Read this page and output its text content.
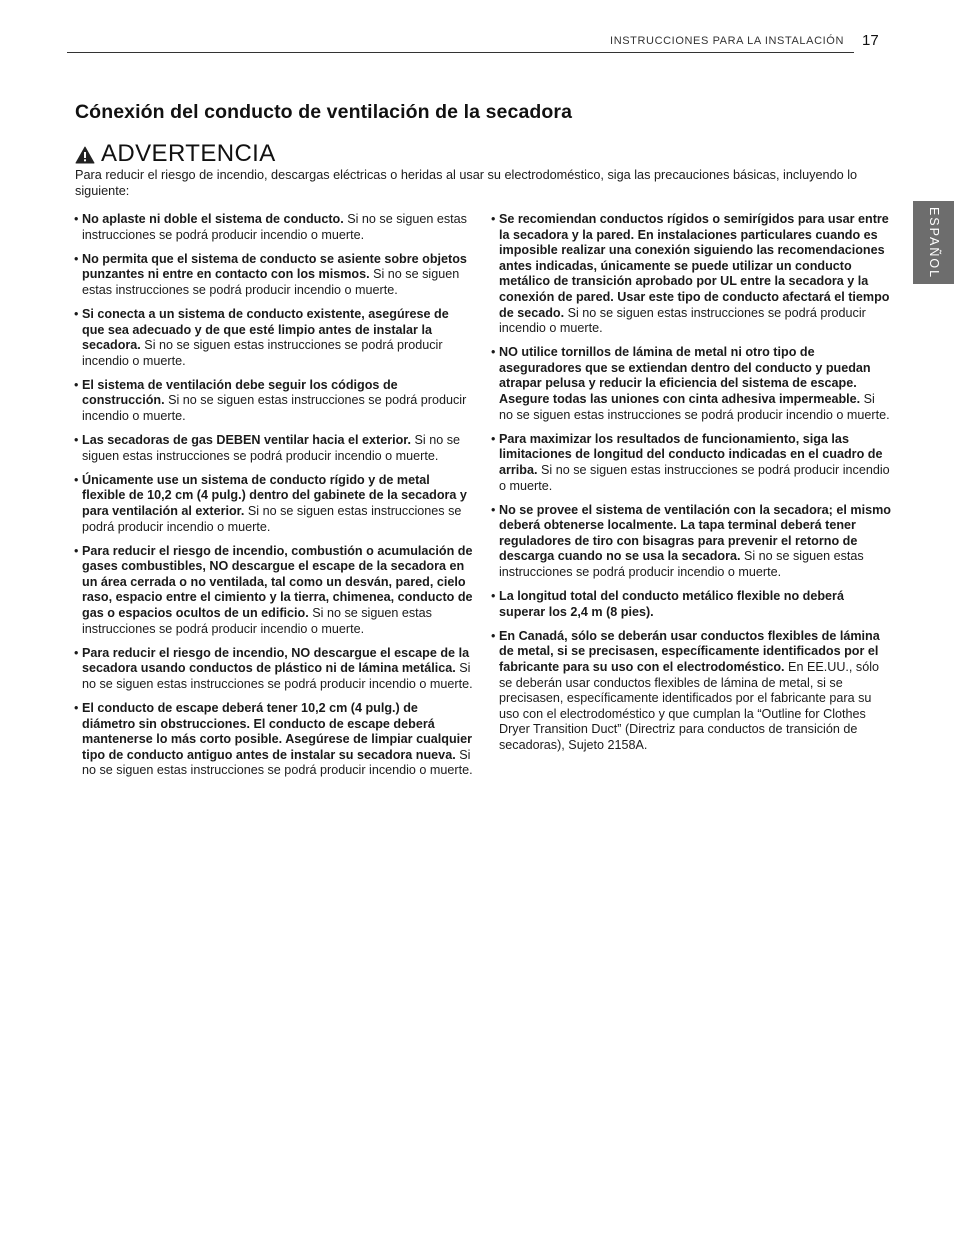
INSTRUCCIONES PARA LA INSTALACIÓN 17
Cónexión del conducto de ventilación de la secadora
ADVERTENCIA
Para reducir el riesgo de incendio, descargas eléctricas o heridas al usar su electrodoméstico, siga las precauciones básicas, incluyendo lo siguiente:
• No aplaste ni doble el sistema de conducto. Si no se siguen estas instrucciones se podrá producir incendio o muerte.
• No permita que el sistema de conducto se asiente sobre objetos punzantes ni entre en contacto con los mismos. Si no se siguen estas instrucciones se podrá producir incendio o muerte.
• Si conecta a un sistema de conducto existente, asegúrese de que sea adecuado y de que esté limpio antes de instalar la secadora. Si no se siguen estas instrucciones se podrá producir incendio o muerte.
• El sistema de ventilación debe seguir los códigos de construcción. Si no se siguen estas instrucciones se podrá producir incendio o muerte.
• Las secadoras de gas DEBEN ventilar hacia el exterior. Si no se siguen estas instrucciones se podrá producir incendio o muerte.
• Únicamente use un sistema de conducto rígido y de metal flexible de 10,2 cm (4 pulg.) dentro del gabinete de la secadora y para ventilación al exterior. Si no se siguen estas instrucciones se podrá producir incendio o muerte.
• Para reducir el riesgo de incendio, combustión o acumulación de gases combustibles, NO descargue el escape de la secadora en un área cerrada o no ventilada, tal como un desván, pared, cielo raso, espacio entre el cimiento y la tierra, chimenea, conducto de gas o espacios ocultos de un edificio. Si no se siguen estas instrucciones se podrá producir incendio o muerte.
• Para reducir el riesgo de incendio, NO descargue el escape de la secadora usando conductos de plástico ni de lámina metálica. Si no se siguen estas instrucciones se podrá producir incendio o muerte.
• El conducto de escape deberá tener 10,2 cm (4 pulg.) de diámetro sin obstrucciones. El conducto de escape deberá mantenerse lo más corto posible. Asegúrese de limpiar cualquier tipo de conducto antiguo antes de instalar su secadora nueva. Si no se siguen estas instrucciones se podrá producir incendio o muerte.
• Se recomiendan conductos rígidos o semirígidos para usar entre la secadora y la pared. En instalaciones particulares cuando es imposible realizar una conexión siguiendo las recomendaciones antes indicadas, únicamente se puede utilizar un conducto metálico de transición aprobado por UL entre la secadora y la conexión de pared. Usar este tipo de conducto afectará el tiempo de secado. Si no se siguen estas instrucciones se podrá producir incendio o muerte.
• NO utilice tornillos de lámina de metal ni otro tipo de aseguradores que se extiendan dentro del conducto y puedan atrapar pelusa y reducir la eficiencia del sistema de escape. Asegure todas las uniones con cinta adhesiva impermeable. Si no se siguen estas instrucciones se podrá producir incendio o muerte.
• Para maximizar los resultados de funcionamiento, siga las limitaciones de longitud del conducto indicadas en el cuadro de arriba. Si no se siguen estas instrucciones se podrá producir incendio o muerte.
• No se provee el sistema de ventilación con la secadora; el mismo deberá obtenerse localmente. La tapa terminal deberá tener reguladores de tiro con bisagras para prevenir el retorno de descarga cuando no se usa la secadora. Si no se siguen estas instrucciones se podrá producir incendio o muerte.
• La longitud total del conducto metálico flexible no deberá superar los 2,4 m (8 pies).
• En Canadá, sólo se deberán usar conductos flexibles de lámina de metal, si se precisasen, específicamente identificados por el fabricante para su uso con el electrodoméstico. En EE.UU., sólo se deberán usar conductos flexibles de lámina de metal, si se precisasen, específicamente identificados por el fabricante para su uso con el electrodoméstico y que cumplan la “Outline for Clothes Dryer Transition Duct” (Directriz para conductos de transición de secadoras), Sujeto 2158A.
ESPAÑOL
